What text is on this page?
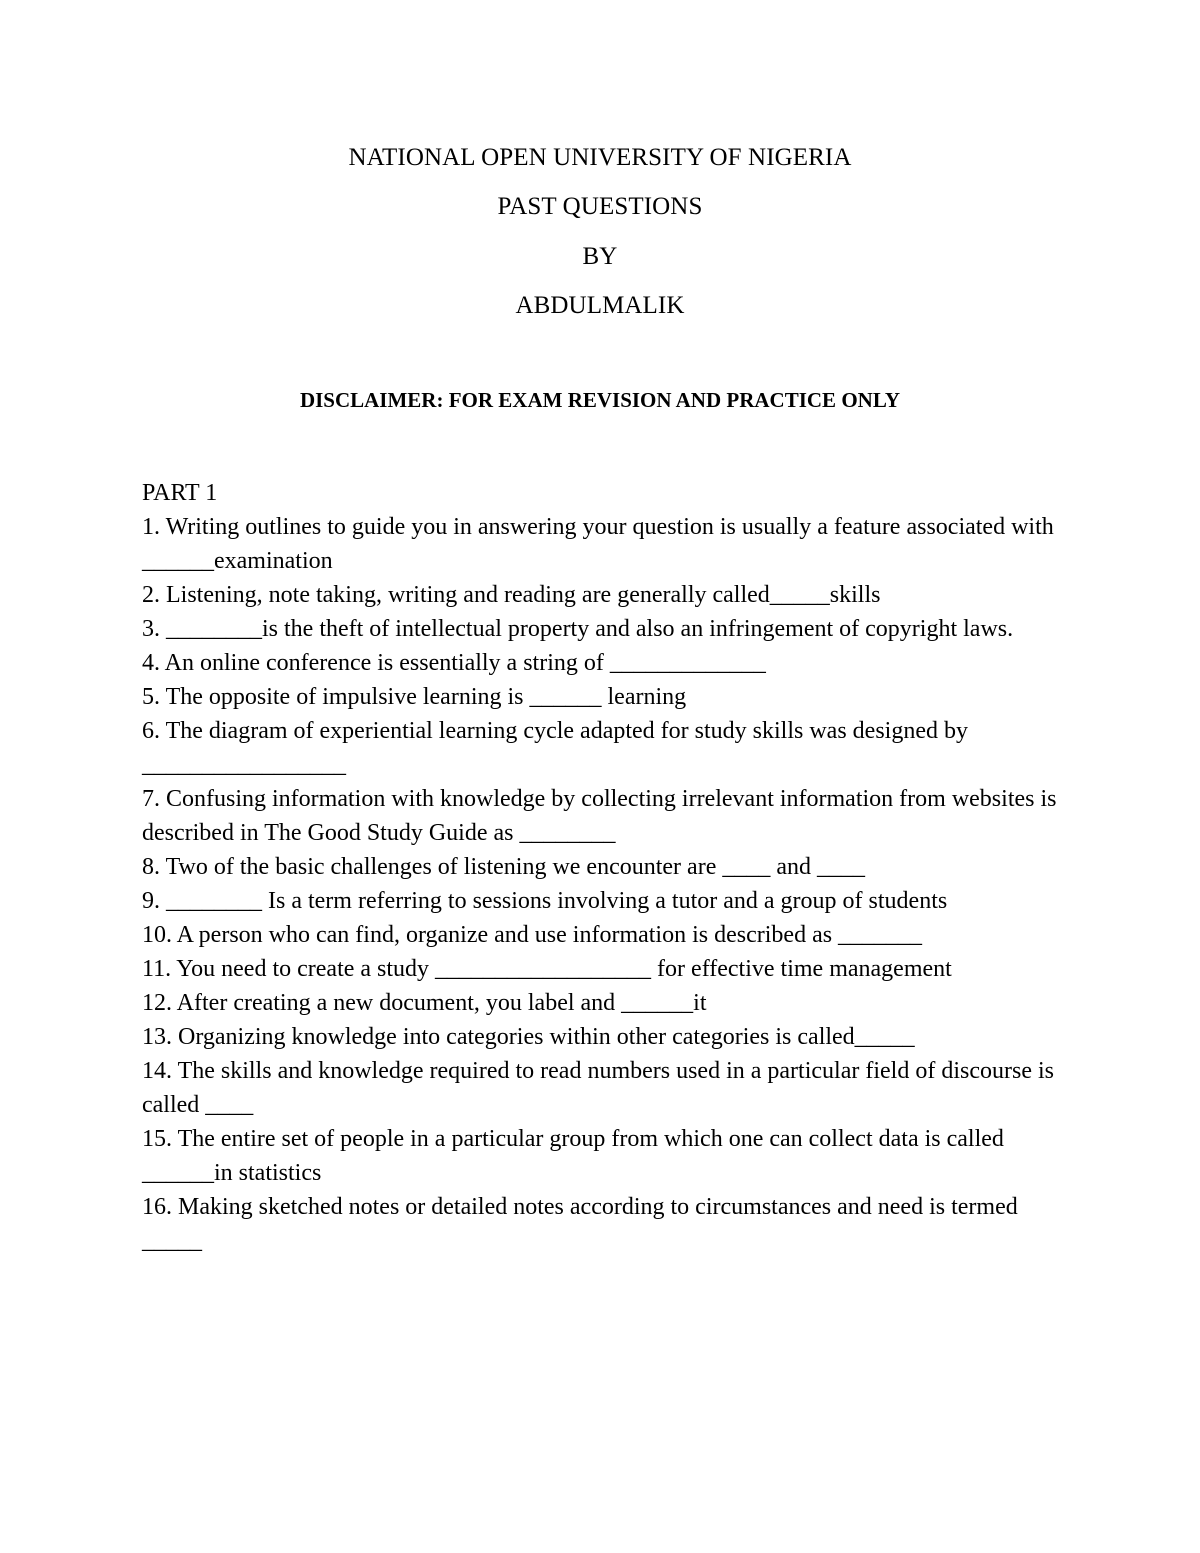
NATIONAL OPEN UNIVERSITY OF NIGERIA
PAST QUESTIONS
BY
ABDULMALIK
DISCLAIMER: FOR EXAM REVISION AND PRACTICE ONLY
PART 1
1. Writing outlines to guide you in answering your question is usually a feature associated with ______examination
2. Listening, note taking, writing and reading are generally called_____skills
3. ________is the theft of intellectual property and also an infringement of copyright laws.
4. An online conference is essentially a string of _____________
5. The opposite of impulsive learning is ______ learning
6. The diagram of experiential learning cycle adapted for study skills was designed by _________________
7. Confusing information with knowledge by collecting irrelevant information from websites is described in The Good Study Guide as ________
8. Two of the basic challenges of listening we encounter are ____ and ____
9. ________ Is a term referring to sessions involving a tutor and a group of students
10. A person who can find, organize and use information is described as _______
11. You need to create a study __________________ for effective time management
12. After creating a new document, you label and ______it
13. Organizing knowledge into categories within other categories is called_____
14. The skills and knowledge required to read numbers used in a particular field of discourse is called ____
15. The entire set of people in a particular group from which one can collect data is called ______in statistics
16. Making sketched notes or detailed notes according to circumstances and need is termed _____
